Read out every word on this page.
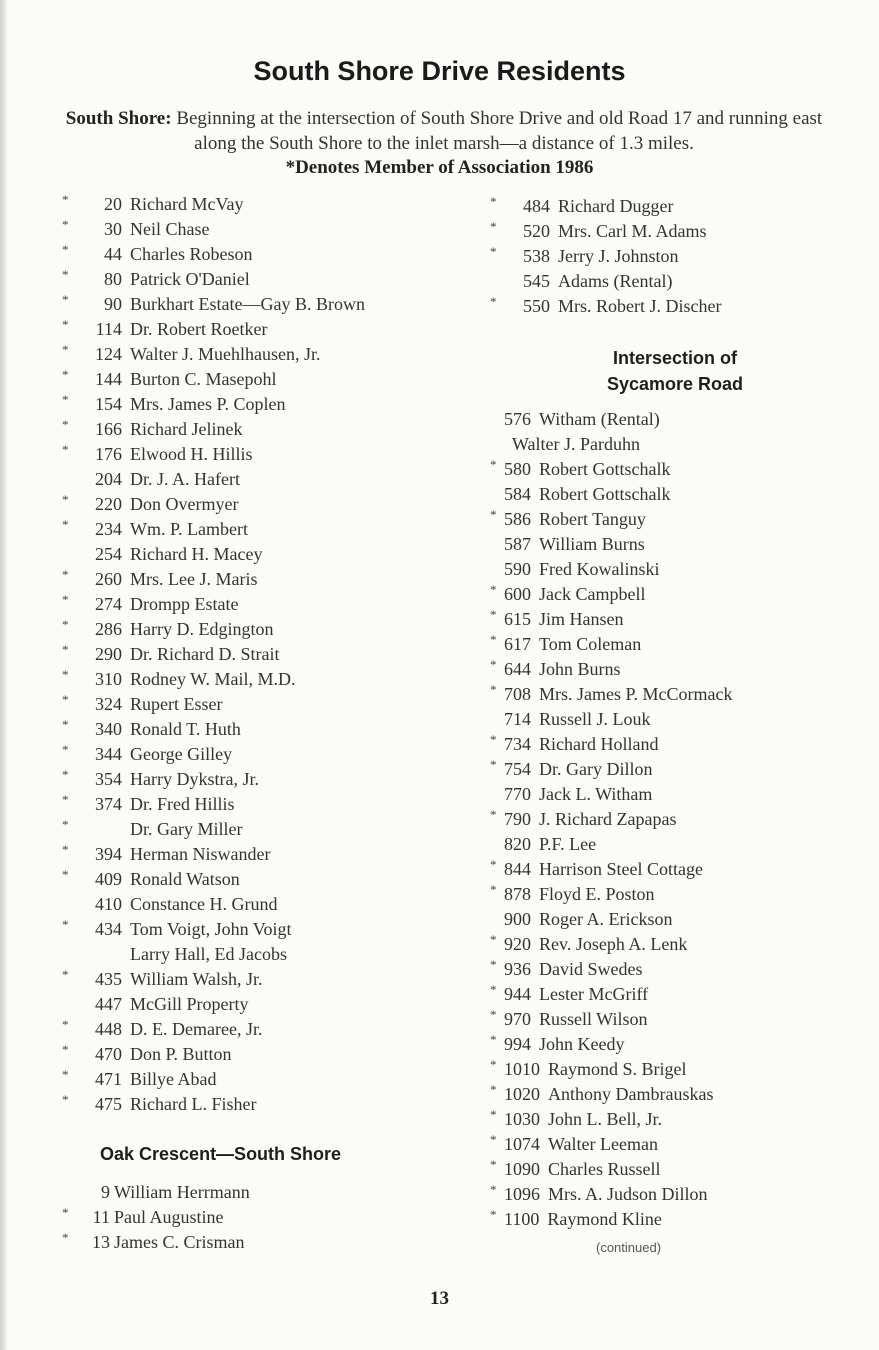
South Shore Drive Residents
South Shore: Beginning at the intersection of South Shore Drive and old Road 17 and running east along the South Shore to the inlet marsh—a distance of 1.3 miles.
*Denotes Member of Association 1986
*	20 Richard McVay
*	30 Neil Chase
*	44 Charles Robeson
*	80 Patrick O'Daniel
*	90 Burkhart Estate—Gay B. Brown
*	114 Dr. Robert Roetker
*	124 Walter J. Muehlhausen, Jr.
*	144 Burton C. Masepohl
*	154 Mrs. James P. Coplen
*	166 Richard Jelinek
*	176 Elwood H. Hillis
204 Dr. J. A. Hafert
*	220 Don Overmyer
*	234 Wm. P. Lambert
254 Richard H. Macey
*	260 Mrs. Lee J. Maris
*	274 Drompp Estate
*	286 Harry D. Edgington
*	290 Dr. Richard D. Strait
*	310 Rodney W. Mail, M.D.
*	324 Rupert Esser
*	340 Ronald T. Huth
*	344 George Gilley
*	354 Harry Dykstra, Jr.
*	374 Dr. Fred Hillis
*	Dr. Gary Miller
*	394 Herman Niswander
*	409 Ronald Watson
410 Constance H. Grund
*	434 Tom Voigt, John Voigt
Larry Hall, Ed Jacobs
*	435 William Walsh, Jr.
447 McGill Property
*	448 D. E. Demaree, Jr.
*	470 Don P. Button
*	471 Billye Abad
*	475 Richard L. Fisher
Oak Crescent—South Shore
9 William Herrmann
*	11 Paul Augustine
*	13 James C. Crisman
*	484 Richard Dugger
*	520 Mrs. Carl M. Adams
*	538 Jerry J. Johnston
545 Adams (Rental)
*	550 Mrs. Robert J. Discher
Intersection of
Sycamore Road
576 Witham (Rental)
Walter J. Parduhn
* 580 Robert Gottschalk
584 Robert Gottschalk
* 586 Robert Tanguy
587 William Burns
590 Fred Kowalinski
* 600 Jack Campbell
* 615 Jim Hansen
* 617 Tom Coleman
* 644 John Burns
* 708 Mrs. James P. McCormack
714 Russell J. Louk
* 734 Richard Holland
* 754 Dr. Gary Dillon
770 Jack L. Witham
* 790 J. Richard Zapapas
820 P.F. Lee
* 844 Harrison Steel Cottage
* 878 Floyd E. Poston
900 Roger A. Erickson
* 920 Rev. Joseph A. Lenk
* 936 David Swedes
* 944 Lester McGriff
* 970 Russell Wilson
* 994 John Keedy
* 1010 Raymond S. Brigel
* 1020 Anthony Dambrauskas
* 1030 John L. Bell, Jr.
* 1074 Walter Leeman
* 1090 Charles Russell
* 1096 Mrs. A. Judson Dillon
* 1100 Raymond Kline
(continued)
13
